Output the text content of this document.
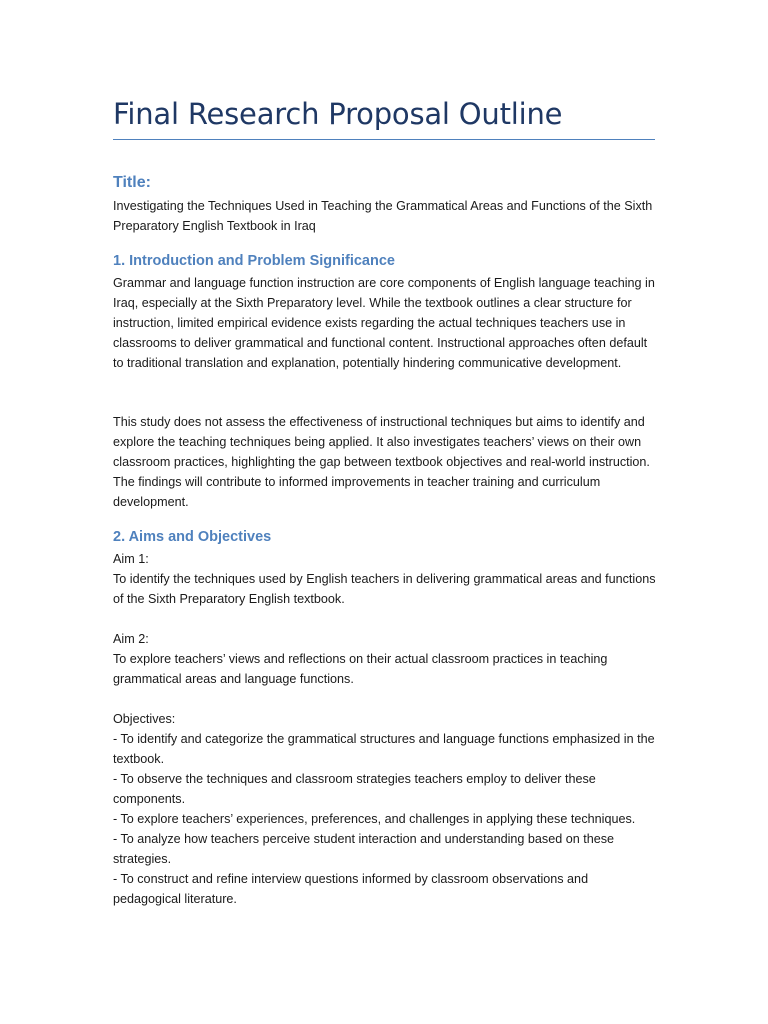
Final Research Proposal Outline
Title:

Investigating the Techniques Used in Teaching the Grammatical Areas and Functions of the Sixth Preparatory English Textbook in Iraq

1. Introduction and Problem Significance

Grammar and language function instruction are core components of English language teaching in Iraq, especially at the Sixth Preparatory level. While the textbook outlines a clear structure for instruction, limited empirical evidence exists regarding the actual techniques teachers use in classrooms to deliver grammatical and functional content. Instructional approaches often default to traditional translation and explanation, potentially hindering communicative development.

This study does not assess the effectiveness of instructional techniques but aims to identify and explore the teaching techniques being applied. It also investigates teachers’ views on their own classroom practices, highlighting the gap between textbook objectives and real-world instruction. The findings will contribute to informed improvements in teacher training and curriculum development.

2. Aims and Objectives

Aim 1:

To identify the techniques used by English teachers in delivering grammatical areas and functions of the Sixth Preparatory English textbook.

Aim 2:

To explore teachers’ views and reflections on their actual classroom practices in teaching grammatical areas and language functions.

Objectives:

- To identify and categorize the grammatical structures and language functions emphasized in the textbook.

- To observe the techniques and classroom strategies teachers employ to deliver these components.

- To explore teachers’ experiences, preferences, and challenges in applying these techniques.

- To analyze how teachers perceive student interaction and understanding based on these strategies.

- To construct and refine interview questions informed by classroom observations and pedagogical literature.
